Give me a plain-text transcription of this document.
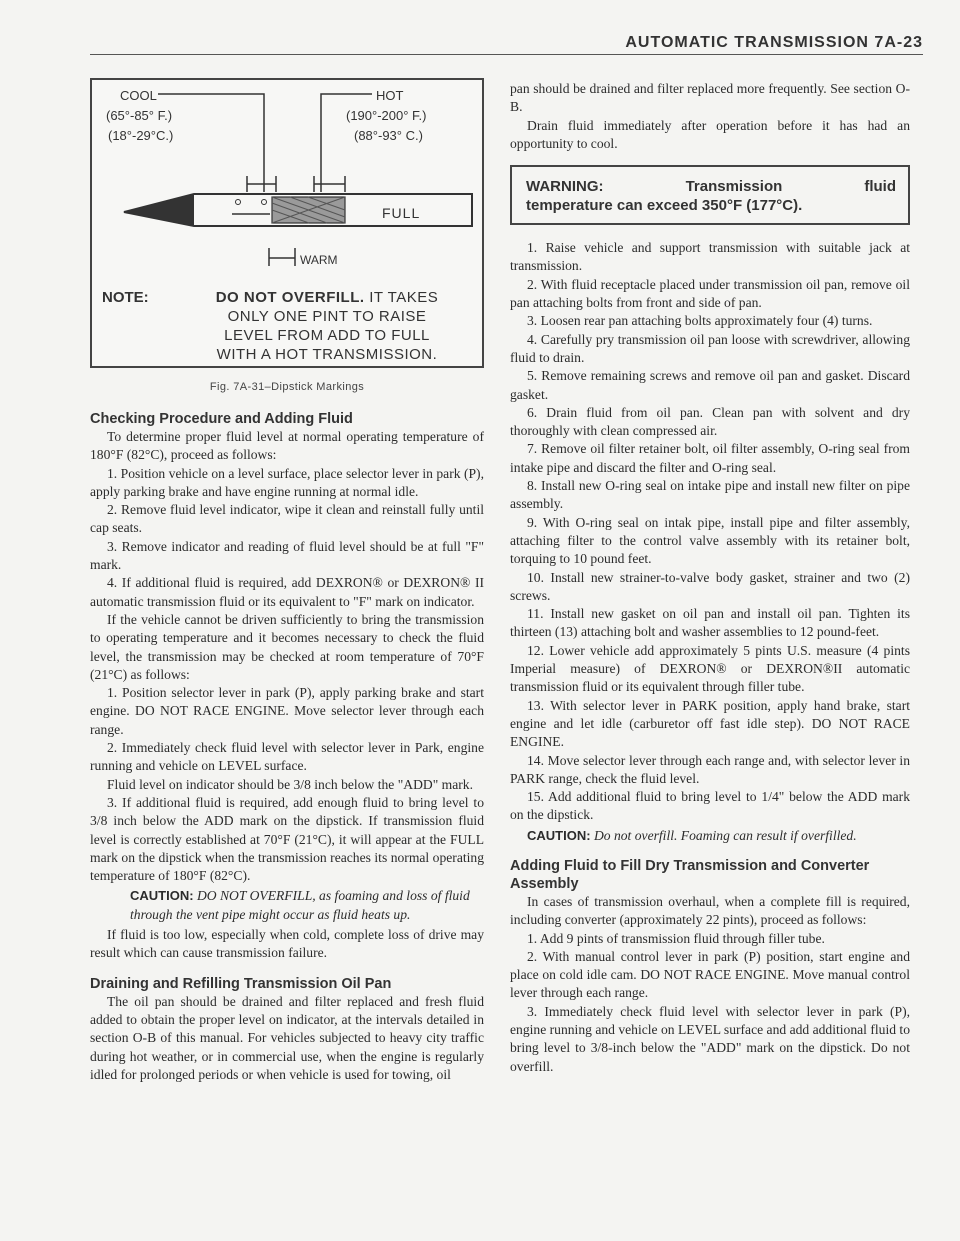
AUTOMATIC TRANSMISSION 7A-23
COOL
(65°-85° F.)
(18°-29°C.)
HOT
(190°-200° F.)
(88°-93° C.)
1 PT	FULL
WARM
NOTE:	DO NOT OVERFILL. IT TAKES
ONLY ONE PINT TO RAISE
LEVEL FROM ADD TO FULL
WITH A HOT TRANSMISSION.
Fig. 7A-31–Dipstick Markings
Checking Procedure and Adding Fluid

To determine proper fluid level at normal operating temperature of 180°F (82°C), proceed as follows:

1. Position vehicle on a level surface, place selector lever in park (P), apply parking brake and have engine running at normal idle.

2. Remove fluid level indicator, wipe it clean and reinstall fully until cap seats.

3. Remove indicator and reading of fluid level should be at full "F" mark.

4. If additional fluid is required, add DEXRON® or DEXRON® II automatic transmission fluid or its equivalent to "F" mark on indicator.

If the vehicle cannot be driven sufficiently to bring the transmission to operating temperature and it becomes necessary to check the fluid level, the transmission may be checked at room temperature of 70°F (21°C) as follows:

1. Position selector lever in park (P), apply parking brake and start engine. DO NOT RACE ENGINE. Move selector lever through each range.

2. Immediately check fluid level with selector lever in Park, engine running and vehicle on LEVEL surface.

Fluid level on indicator should be 3/8 inch below the "ADD" mark.

3. If additional fluid is required, add enough fluid to bring level to 3/8 inch below the ADD mark on the dipstick. If transmission fluid level is correctly established at 70°F (21°C), it will appear at the FULL mark on the dipstick when the transmission reaches its normal operating temperature of 180°F (82°C).

CAUTION: DO NOT OVERFILL, as foaming and loss of fluid through the vent pipe might occur as fluid heats up.

If fluid is too low, especially when cold, complete loss of drive may result which can cause transmission failure.

Draining and Refilling Transmission Oil Pan

The oil pan should be drained and filter replaced and fresh fluid added to obtain the proper level on indicator, at the intervals detailed in section O-B of this manual. For vehicles subjected to heavy city traffic during hot weather, or in commercial use, when the engine is regularly idled for prolonged periods or when vehicle is used for towing, oil

pan should be drained and filter replaced more frequently. See section O-B.

Drain fluid immediately after operation before it has had an opportunity to cool.

WARNING:	Transmission	fluid
temperature can exceed 350°F (177°C).

1. Raise vehicle and support transmission with suitable jack at transmission.

2. With fluid receptacle placed under transmission oil pan, remove oil pan attaching bolts from front and side of pan.

3. Loosen rear pan attaching bolts approximately four (4) turns.

4. Carefully pry transmission oil pan loose with screwdriver, allowing fluid to drain.

5. Remove remaining screws and remove oil pan and gasket. Discard gasket.

6. Drain fluid from oil pan. Clean pan with solvent and dry thoroughly with clean compressed air.

7. Remove oil filter retainer bolt, oil filter assembly, O-ring seal from intake pipe and discard the filter and O-ring seal.

8. Install new O-ring seal on intake pipe and install new filter on pipe assembly.

9. With O-ring seal on intak pipe, install pipe and filter assembly, attaching filter to the control valve assembly with its retainer bolt, torquing to 10 pound feet.

10. Install new strainer-to-valve body gasket, strainer and two (2) screws.

11. Install new gasket on oil pan and install oil pan. Tighten its thirteen (13) attaching bolt and washer assemblies to 12 pound-feet.

12. Lower vehicle add approximately 5 pints U.S. measure (4 pints Imperial measure) of DEXRON® or DEXRON®II automatic transmission fluid or its equivalent through filler tube.

13. With selector lever in PARK position, apply hand brake, start engine and let idle (carburetor off fast idle step). DO NOT RACE ENGINE.

14. Move selector lever through each range and, with selector lever in PARK range, check the fluid level.

15. Add additional fluid to bring level to 1/4" below the ADD mark on the dipstick.

CAUTION: Do not overfill. Foaming can result if overfilled.
Adding Fluid to Fill Dry Transmission and Converter Assembly

In cases of transmission overhaul, when a complete fill is required, including converter (approximately 22 pints), proceed as follows:

1. Add 9 pints of transmission fluid through filler tube.

2. With manual control lever in park (P) position, start engine and place on cold idle cam. DO NOT RACE ENGINE. Move manual control lever through each range.

3. Immediately check fluid level with selector lever in park (P), engine running and vehicle on LEVEL surface and add additional fluid to bring level to 3/8-inch below the "ADD" mark on the dipstick. Do not overfill.
